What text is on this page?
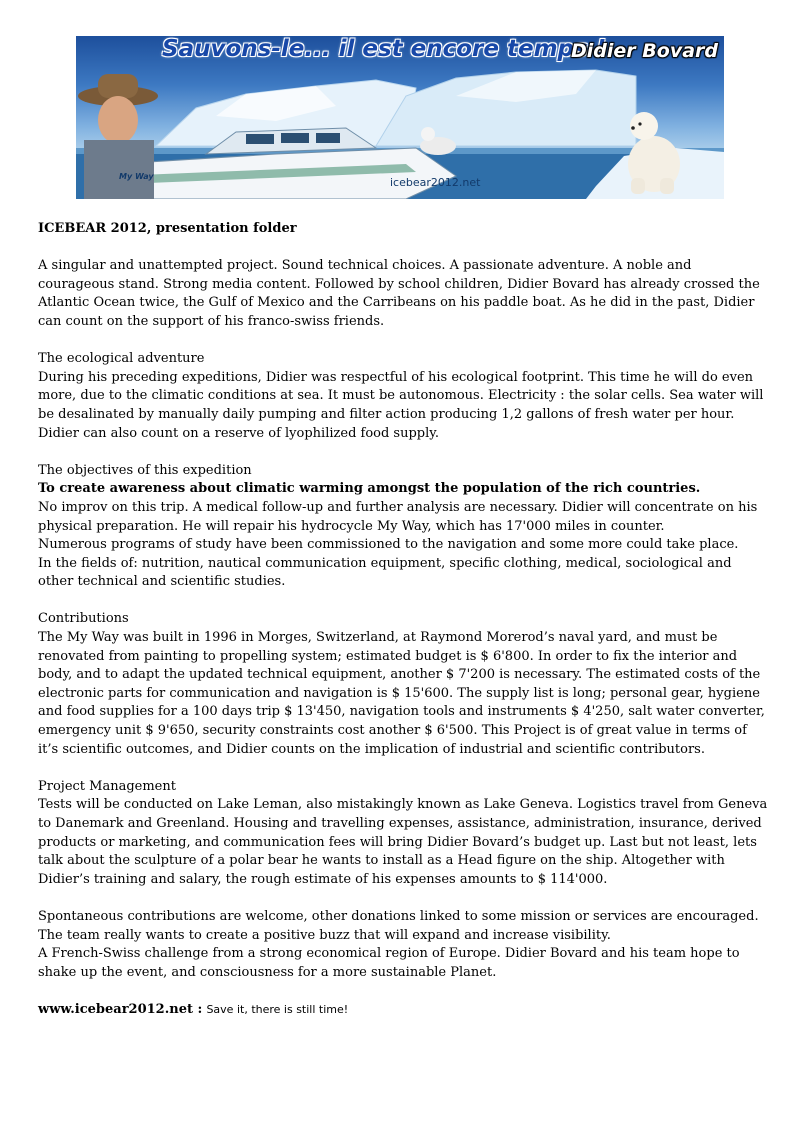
Sauvons-le... il est encore temps !
Didier Bovard
My Way	icebear2012.net

ICEBEAR 2012, presentation folder

A singular and unattempted project. Sound technical choices. A passionate adventure. A noble and courageous stand. Strong media content. Followed by school children, Didier Bovard has already crossed the Atlantic Ocean twice, the Gulf of Mexico and the Carribeans on his paddle boat. As he did in the past, Didier can count on the support of his franco-swiss friends.

The ecological adventure

During his preceding expeditions, Didier was respectful of his ecological footprint. This time he will do even more, due to the climatic conditions at sea. It must be autonomous. Electricity : the solar cells. Sea water will be desalinated by manually daily pumping and filter action producing 1,2 gallons of fresh water per hour.

Didier can also count on a reserve of lyophilized food supply.

The objectives of this expedition

To create awareness about climatic warming amongst the population of the rich countries.

No improv on this trip. A medical follow-up and further analysis are necessary. Didier will concentrate on his physical preparation. He will repair his hydrocycle My Way, which has 17'000 miles in counter.

Numerous programs of study have been commissioned to the navigation and some more could take place.

In the fields of: nutrition, nautical communication equipment, specific clothing, medical, sociological and other technical and scientific studies.

Contributions

The My Way was built in 1996 in Morges, Switzerland, at Raymond Morerod’s naval yard, and must be renovated from painting to propelling system; estimated budget is $ 6'800. In order to fix the interior and body, and to adapt the updated technical equipment, another $ 7'200 is necessary. The estimated costs of the electronic parts for communication and navigation is $ 15'600. The supply list is long; personal gear, hygiene and food supplies for a 100 days trip $ 13'450, navigation tools and instruments $ 4'250, salt water converter, emergency unit $ 9'650, security constraints cost another $ 6'500. This Project is of great value in terms of it’s scientific outcomes, and Didier counts on the implication of industrial and scientific contributors.

Project Management

Tests will be conducted on Lake Leman, also mistakingly known as Lake Geneva. Logistics travel from Geneva to Danemark and Greenland. Housing and travelling expenses, assistance, administration, insurance, derived products or marketing, and communication fees will bring Didier Bovard’s budget up. Last but not least, lets talk about the sculpture of a polar bear he wants to install as a Head figure on the ship. Altogether with Didier’s training and salary, the rough estimate of his expenses amounts to $ 114'000.

Spontaneous contributions are welcome, other donations linked to some mission or services are encouraged.

The team really wants to create a positive buzz that will expand and increase visibility.

A French-Swiss challenge from a strong economical region of Europe. Didier Bovard and his team hope to shake up the event, and consciousness for a more sustainable Planet.

www.icebear2012.net : Save it, there is still time!
